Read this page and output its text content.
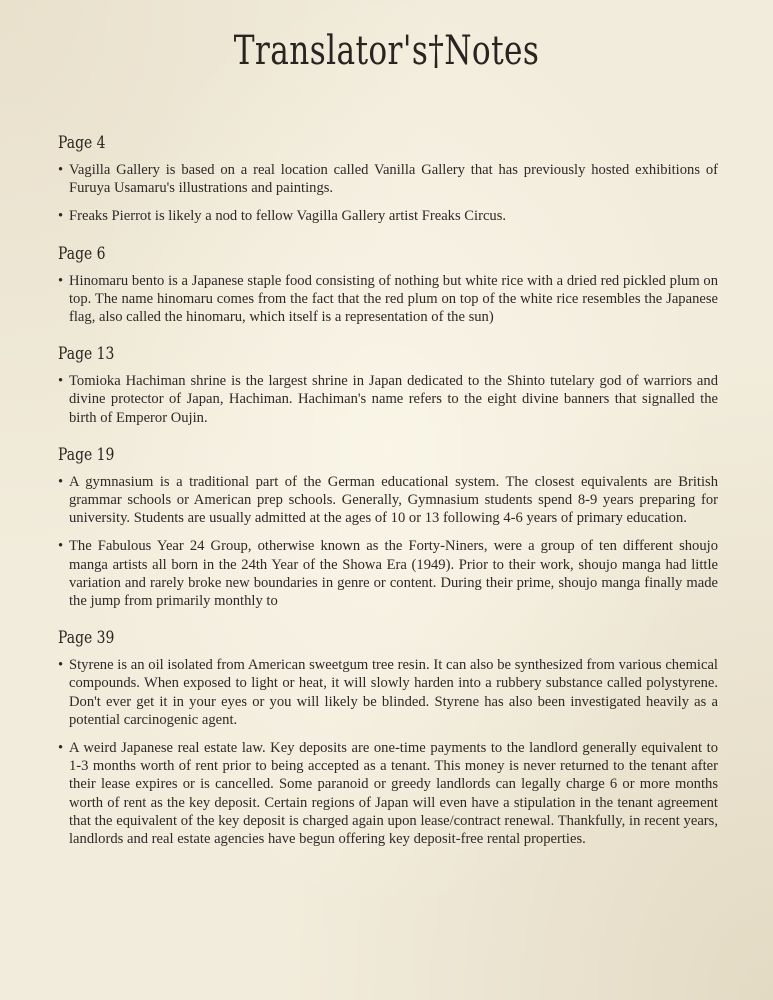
Translator's†Notes
Page 4
• Vagilla Gallery is based on a real location called Vanilla Gallery that has previously hosted exhibitions of Furuya Usamaru's illustrations and paintings.
• Freaks Pierrot is likely a nod to fellow Vagilla Gallery artist Freaks Circus.
Page 6
• Hinomaru bento is a Japanese staple food consisting of nothing but white rice with a dried red pickled plum on top. The name hinomaru comes from the fact that the red plum on top of the white rice resembles the Japanese flag, also called the hinomaru, which itself is a representation of the sun)
Page 13
• Tomioka Hachiman shrine is the largest shrine in Japan dedicated to the Shinto tutelary god of warriors and divine protector of Japan, Hachiman. Hachiman's name refers to the eight divine banners that signalled the birth of Emperor Oujin.
Page 19
• A gymnasium is a traditional part of the German educational system. The closest equivalents are British grammar schools or American prep schools. Generally, Gymnasium students spend 8-9 years preparing for university. Students are usually admitted at the ages of 10 or 13 following 4-6 years of primary education.
• The Fabulous Year 24 Group, otherwise known as the Forty-Niners, were a group of ten different shoujo manga artists all born in the 24th Year of the Showa Era (1949). Prior to their work, shoujo manga had little variation and rarely broke new boundaries in genre or content. During their prime, shoujo manga finally made the jump from primarily monthly to
Page 39
• Styrene is an oil isolated from American sweetgum tree resin. It can also be synthesized from various chemical compounds. When exposed to light or heat, it will slowly harden into a rubbery substance called polystyrene. Don't ever get it in your eyes or you will likely be blinded. Styrene has also been investigated heavily as a potential carcinogenic agent.
• A weird Japanese real estate law. Key deposits are one-time payments to the landlord generally equivalent to 1-3 months worth of rent prior to being accepted as a tenant. This money is never returned to the tenant after their lease expires or is cancelled. Some paranoid or greedy landlords can legally charge 6 or more months worth of rent as the key deposit. Certain regions of Japan will even have a stipulation in the tenant agreement that the equivalent of the key deposit is charged again upon lease/contract renewal. Thankfully, in recent years, landlords and real estate agencies have begun offering key deposit-free rental properties.
